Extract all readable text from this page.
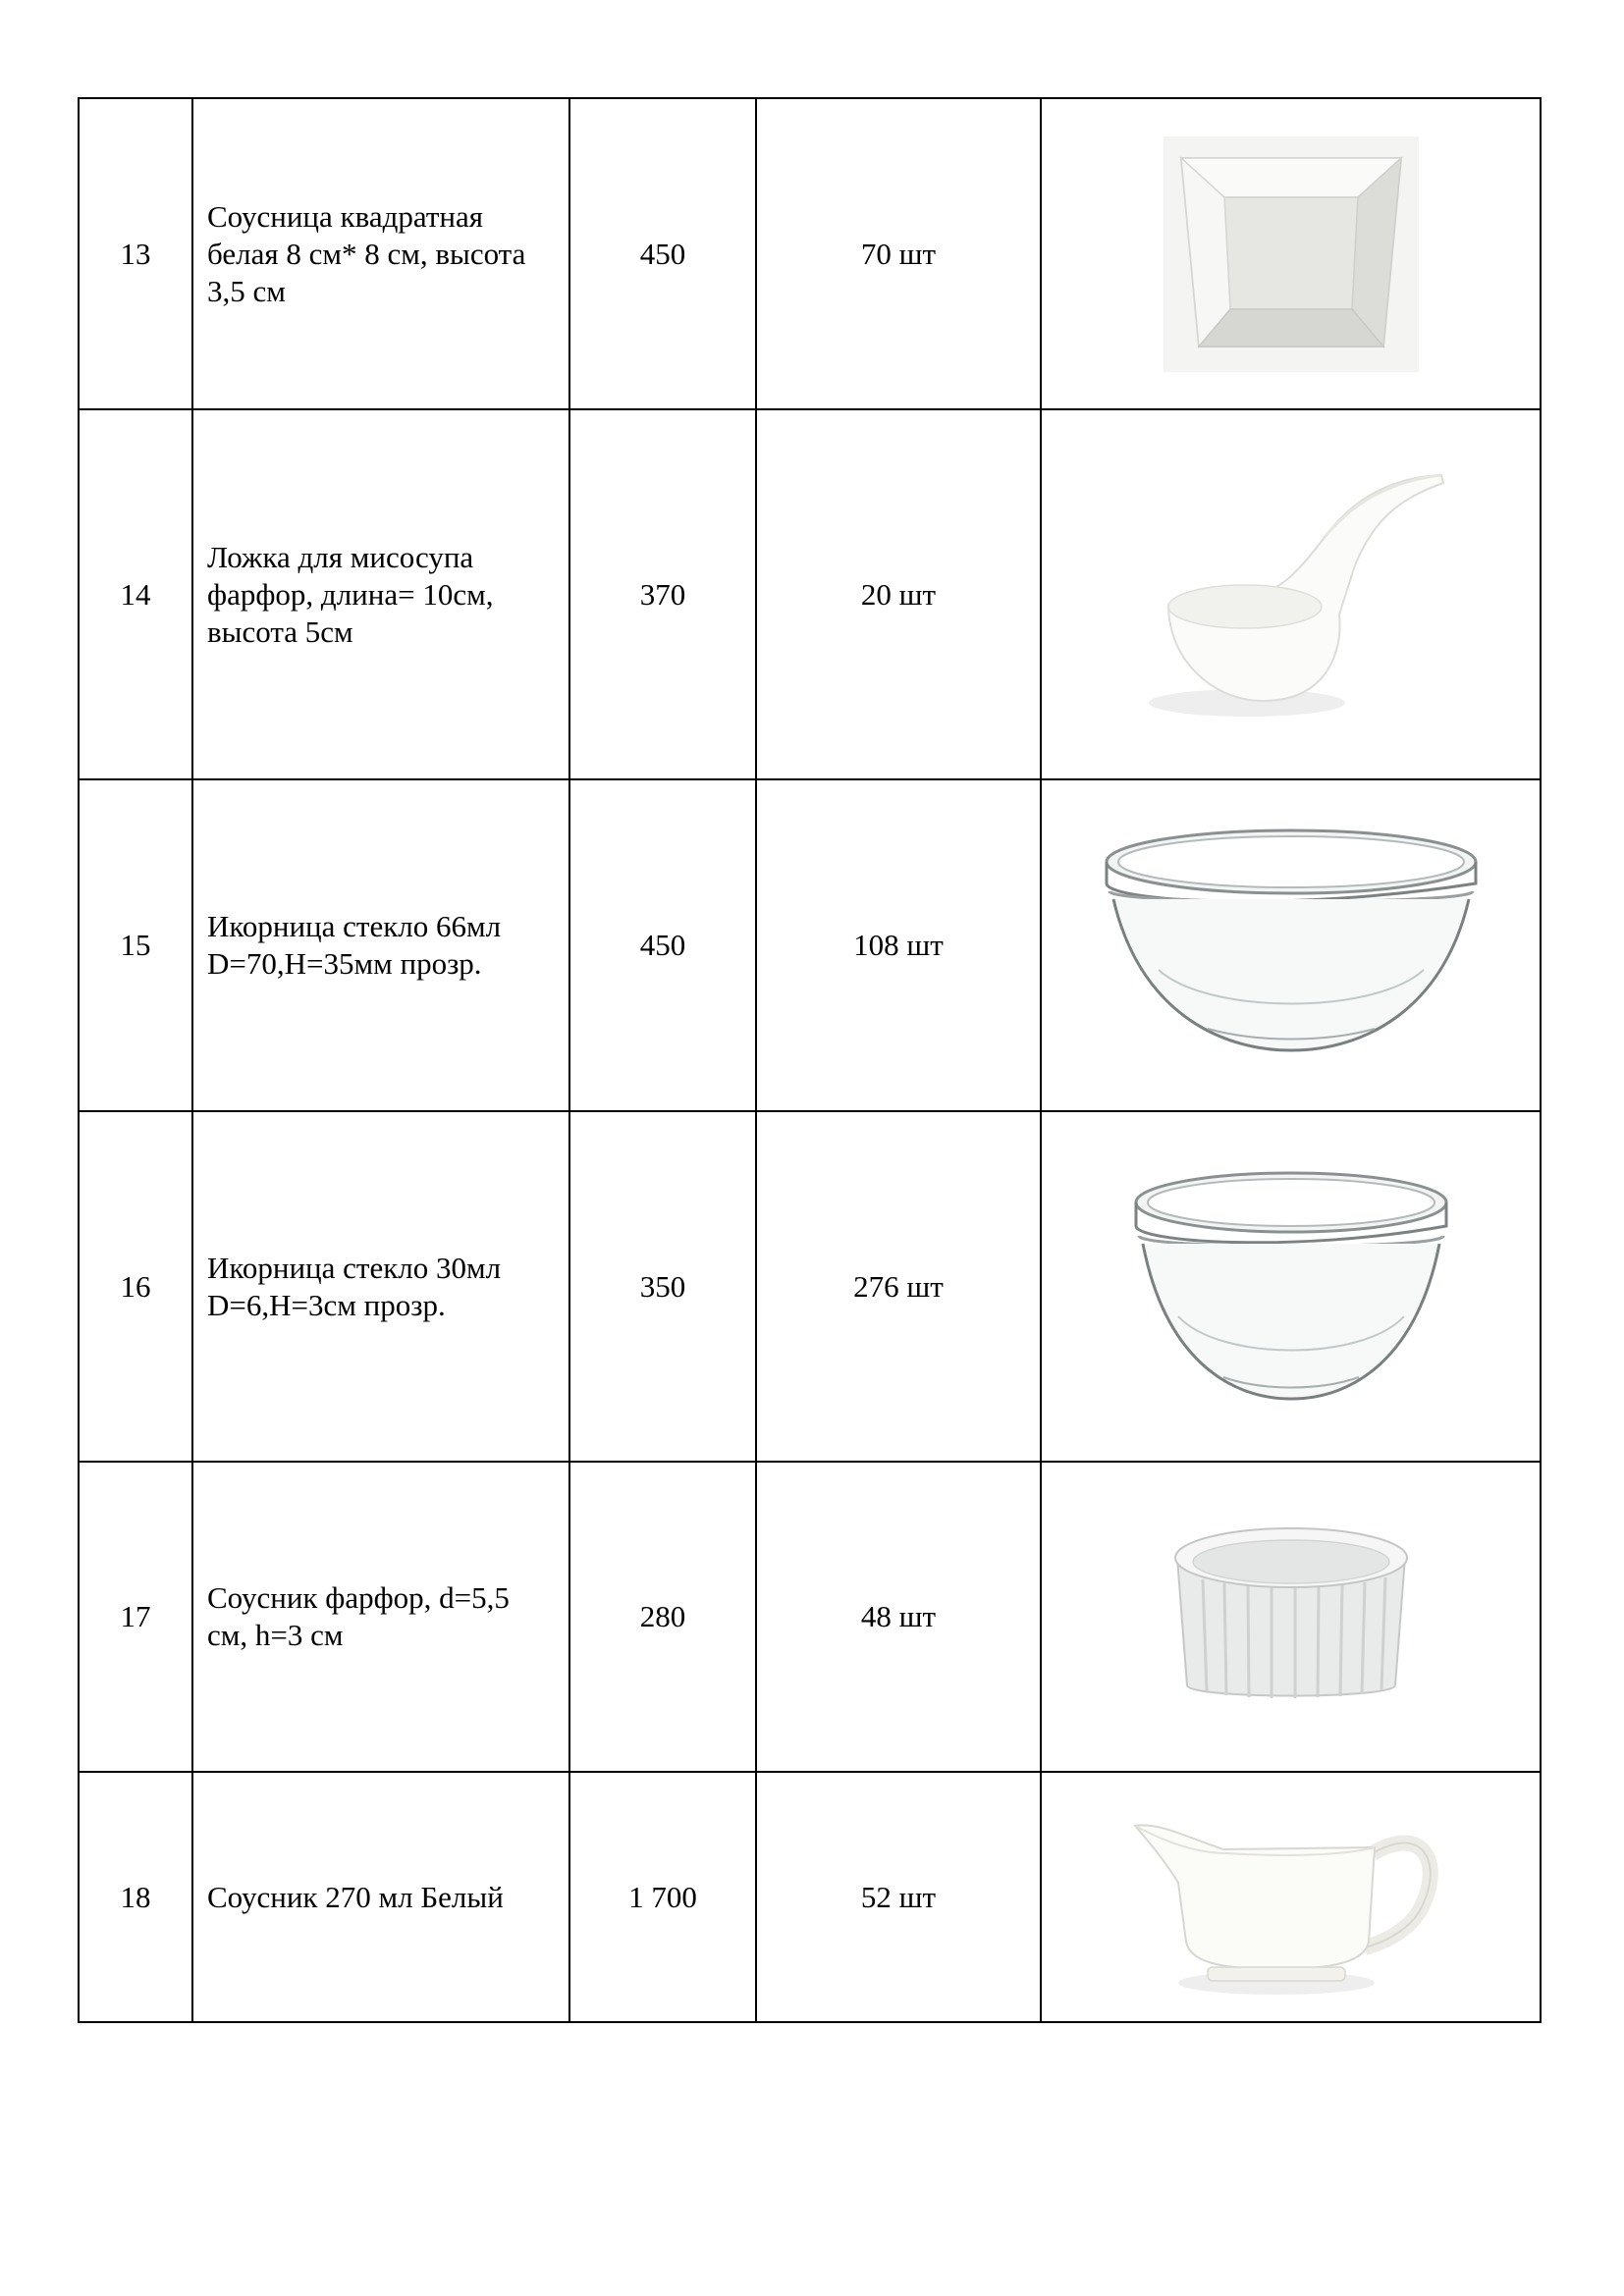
13	Соусница квадратная белая 8 см* 8 см, высота 3,5 см	450	70 шт	

14	Ложка для мисосупа фарфор, длина= 10см, высота 5см	370	20 шт	

15	Икорница стекло 66мл D=70,H=35мм прозр.	450	108 шт	

16	Икорница стекло 30мл D=6,H=3см прозр.	350	276 шт	

17	Соусник фарфор, d=5,5 см, h=3 см	280	48 шт	

18	Соусник 270 мл Белый	1 700	52 шт	
